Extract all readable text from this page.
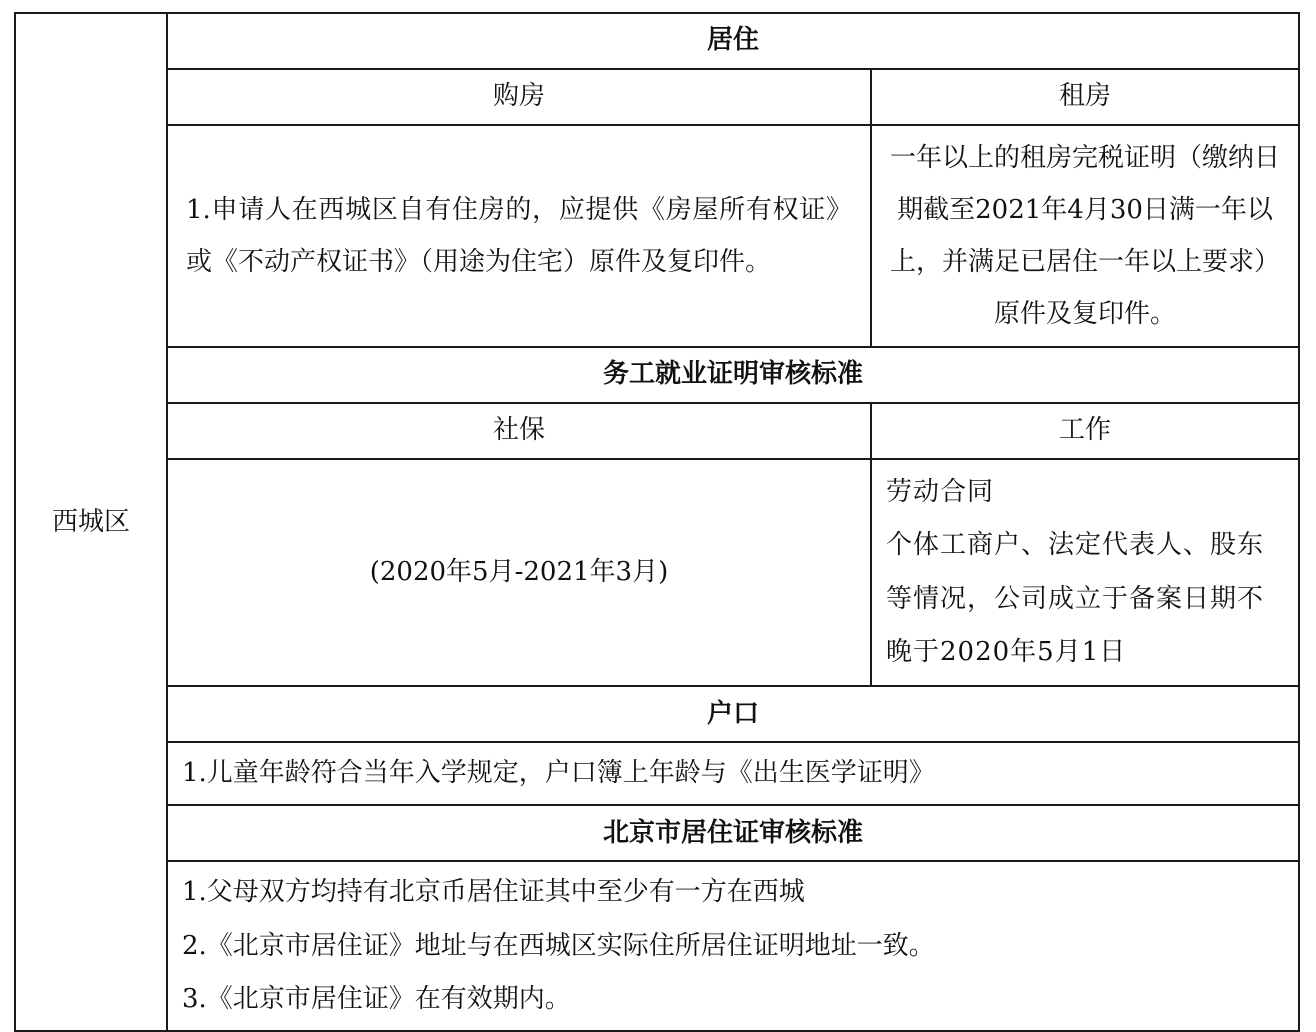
西城区	居住	
	购房	租房
	1.申请人在西城区自有住房的，应提供《房屋所有权证》或《不动产权证书》（用途为住宅）原件及复印件。	一年以上的租房完税证明（缴纳日期截至2021年4月30日满一年以上，并满足已居住一年以上要求）原件及复印件。
	务工就业证明审核标准	
	社保	工作
	(2020年5月-2021年3月)	劳动合同
个体工商户、法定代表人、股东等情况，公司成立于备案日期不晚于2020年5月1日

	户口	
	1.儿童年龄符合当年入学规定，户口簿上年龄与《出生医学证明》	
	北京市居住证审核标准	

	1.父母双方均持有北京币居住证其中至少有一方在西城
2.《北京市居住证》地址与在西城区实际住所居住证明地址一致。
3.《北京市居住证》在有效期内。	
